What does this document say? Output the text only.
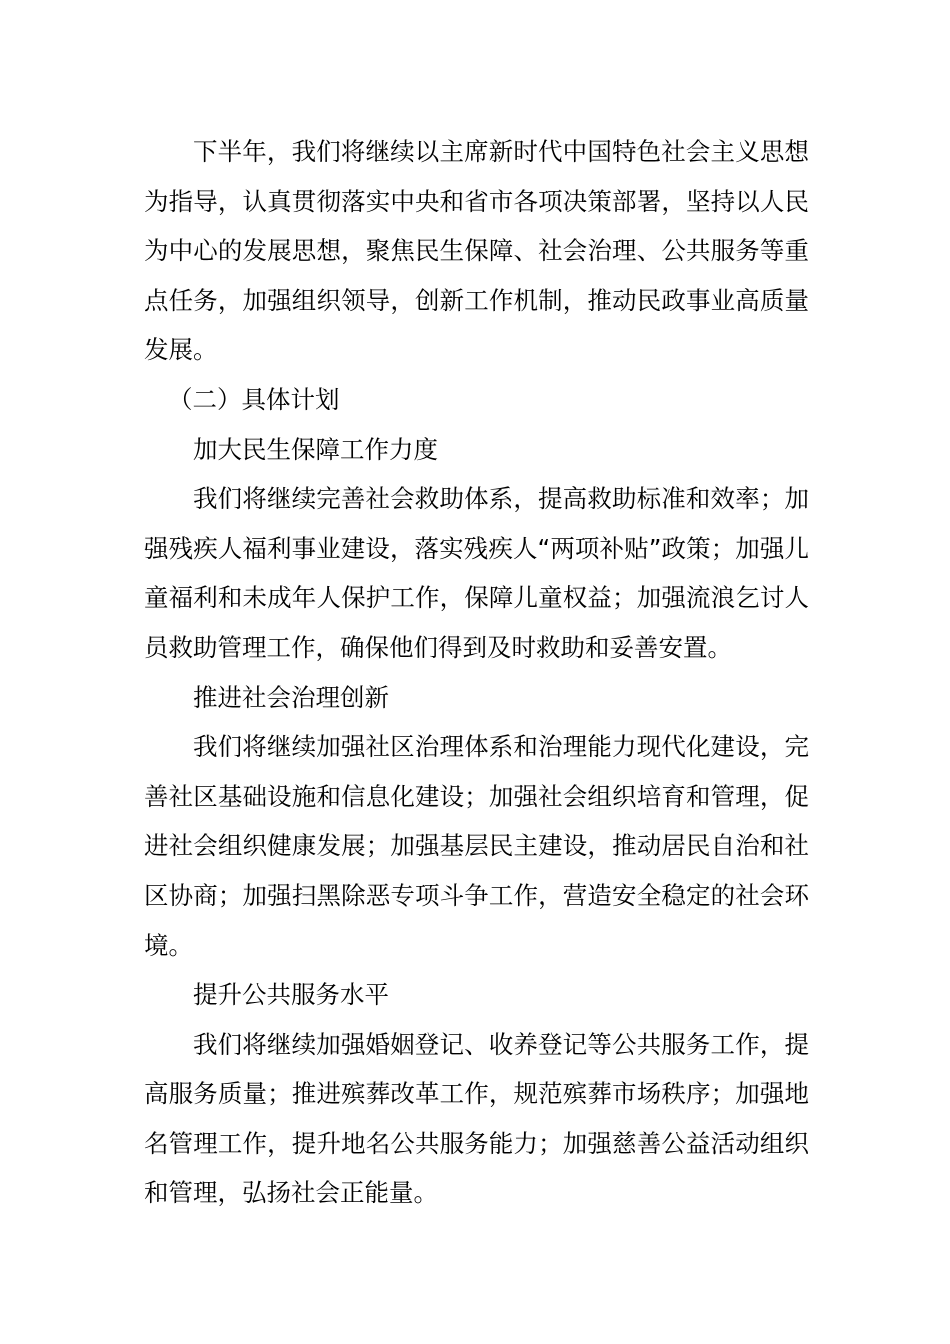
下半年，我们将继续以主席新时代中国特色社会主义思想为指导，认真贯彻落实中央和省市各项决策部署，坚持以人民为中心的发展思想，聚焦民生保障、社会治理、公共服务等重点任务，加强组织领导，创新工作机制，推动民政事业高质量发展。

（二）具体计划

加大民生保障工作力度

我们将继续完善社会救助体系，提高救助标准和效率；加强残疾人福利事业建设，落实残疾人“两项补贴”政策；加强儿童福利和未成年人保护工作，保障儿童权益；加强流浪乞讨人员救助管理工作，确保他们得到及时救助和妥善安置。

推进社会治理创新

我们将继续加强社区治理体系和治理能力现代化建设，完善社区基础设施和信息化建设；加强社会组织培育和管理，促进社会组织健康发展；加强基层民主建设，推动居民自治和社区协商；加强扫黑除恶专项斗争工作，营造安全稳定的社会环境。

提升公共服务水平

我们将继续加强婚姻登记、收养登记等公共服务工作，提高服务质量；推进殡葬改革工作，规范殡葬市场秩序；加强地名管理工作，提升地名公共服务能力；加强慈善公益活动组织和管理，弘扬社会正能量。
